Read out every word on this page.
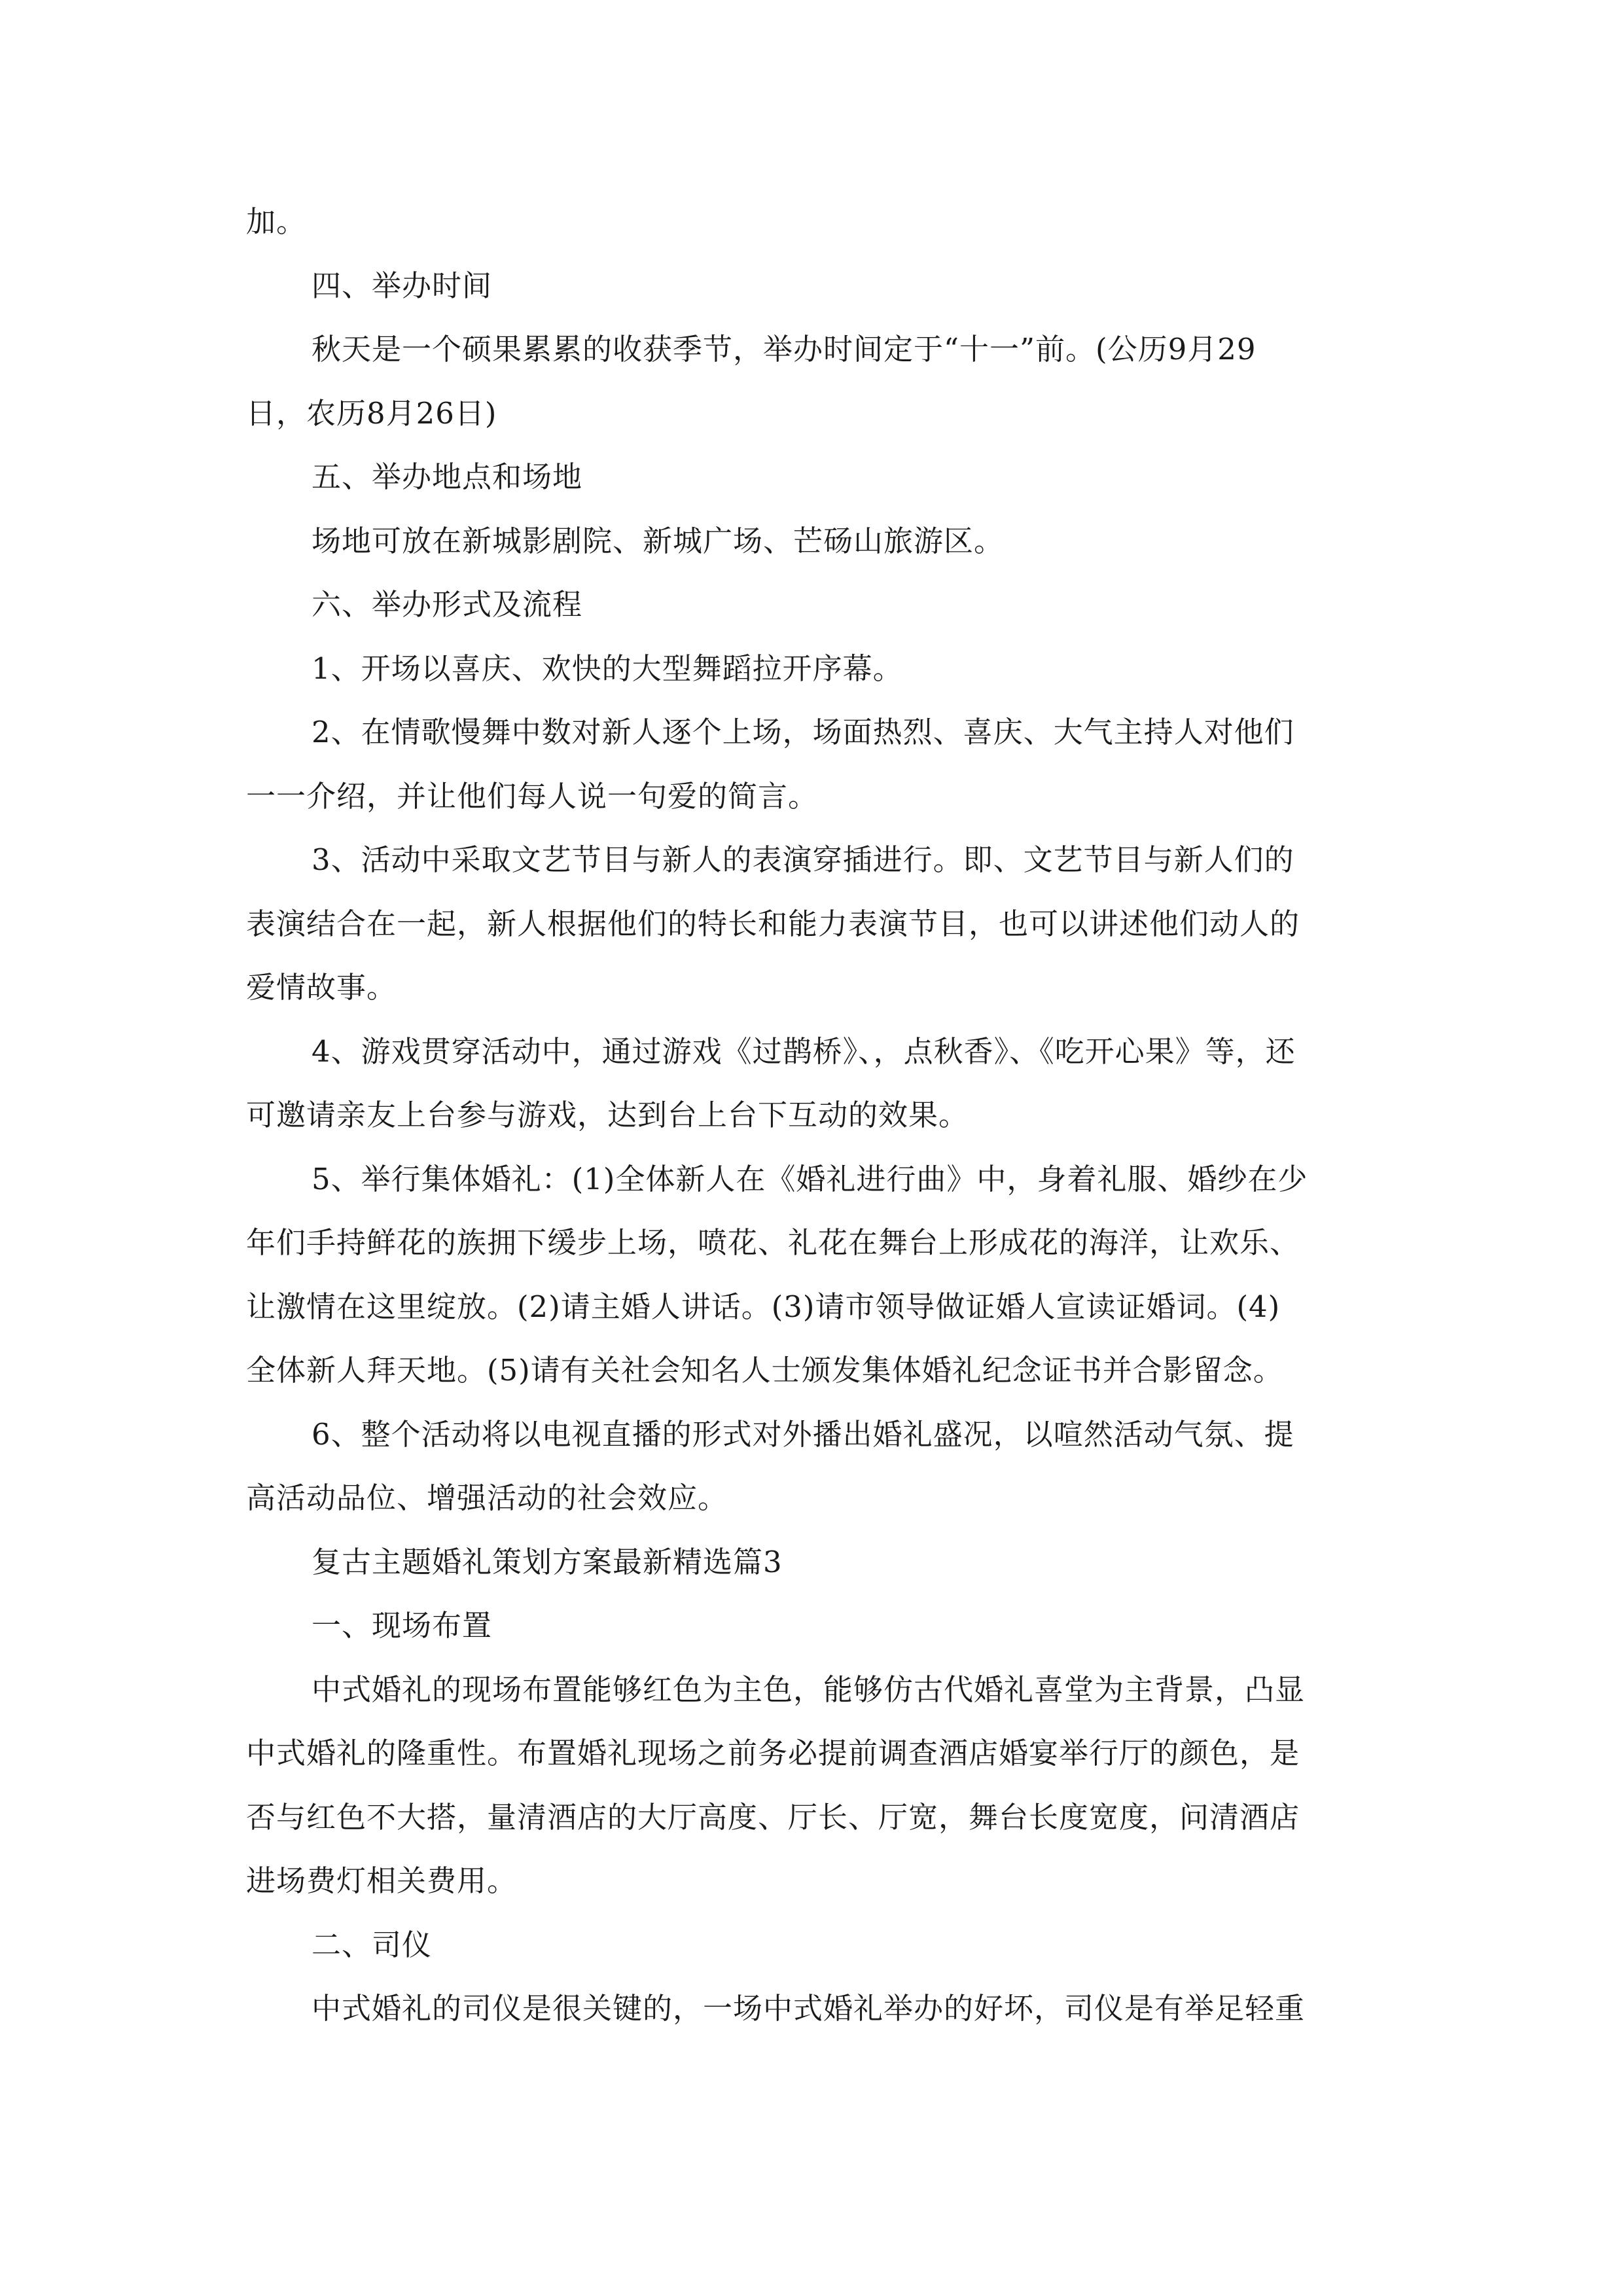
加。
四、举办时间
秋天是一个硕果累累的收获季节，举办时间定于“十一”前。(公历9月29
日，农历8月26日)
五、举办地点和场地
场地可放在新城影剧院、新城广场、芒砀山旅游区。
六、举办形式及流程
1、开场以喜庆、欢快的大型舞蹈拉开序幕。
2、在情歌慢舞中数对新人逐个上场，场面热烈、喜庆、大气主持人对他们
一一介绍，并让他们每人说一句爱的简言。
3、活动中采取文艺节目与新人的表演穿插进行。即、文艺节目与新人们的
表演结合在一起，新人根据他们的特长和能力表演节目，也可以讲述他们动人的
爱情故事。
4、游戏贯穿活动中，通过游戏《过鹊桥》、，点秋香》、《吃开心果》等，还
可邀请亲友上台参与游戏，达到台上台下互动的效果。
5、举行集体婚礼：(1)全体新人在《婚礼进行曲》中，身着礼服、婚纱在少
年们手持鲜花的族拥下缓步上场，喷花、礼花在舞台上形成花的海洋，让欢乐、
让激情在这里绽放。(2)请主婚人讲话。(3)请市领导做证婚人宣读证婚词。(4)
全体新人拜天地。(5)请有关社会知名人士颁发集体婚礼纪念证书并合影留念。
6、整个活动将以电视直播的形式对外播出婚礼盛况，以喧然活动气氛、提
高活动品位、增强活动的社会效应。
复古主题婚礼策划方案最新精选篇3
一、现场布置
中式婚礼的现场布置能够红色为主色，能够仿古代婚礼喜堂为主背景，凸显
中式婚礼的隆重性。布置婚礼现场之前务必提前调查酒店婚宴举行厅的颜色，是
否与红色不大搭，量清酒店的大厅高度、厅长、厅宽，舞台长度宽度，问清酒店
进场费灯相关费用。
二、司仪
中式婚礼的司仪是很关键的，一场中式婚礼举办的好坏，司仪是有举足轻重
